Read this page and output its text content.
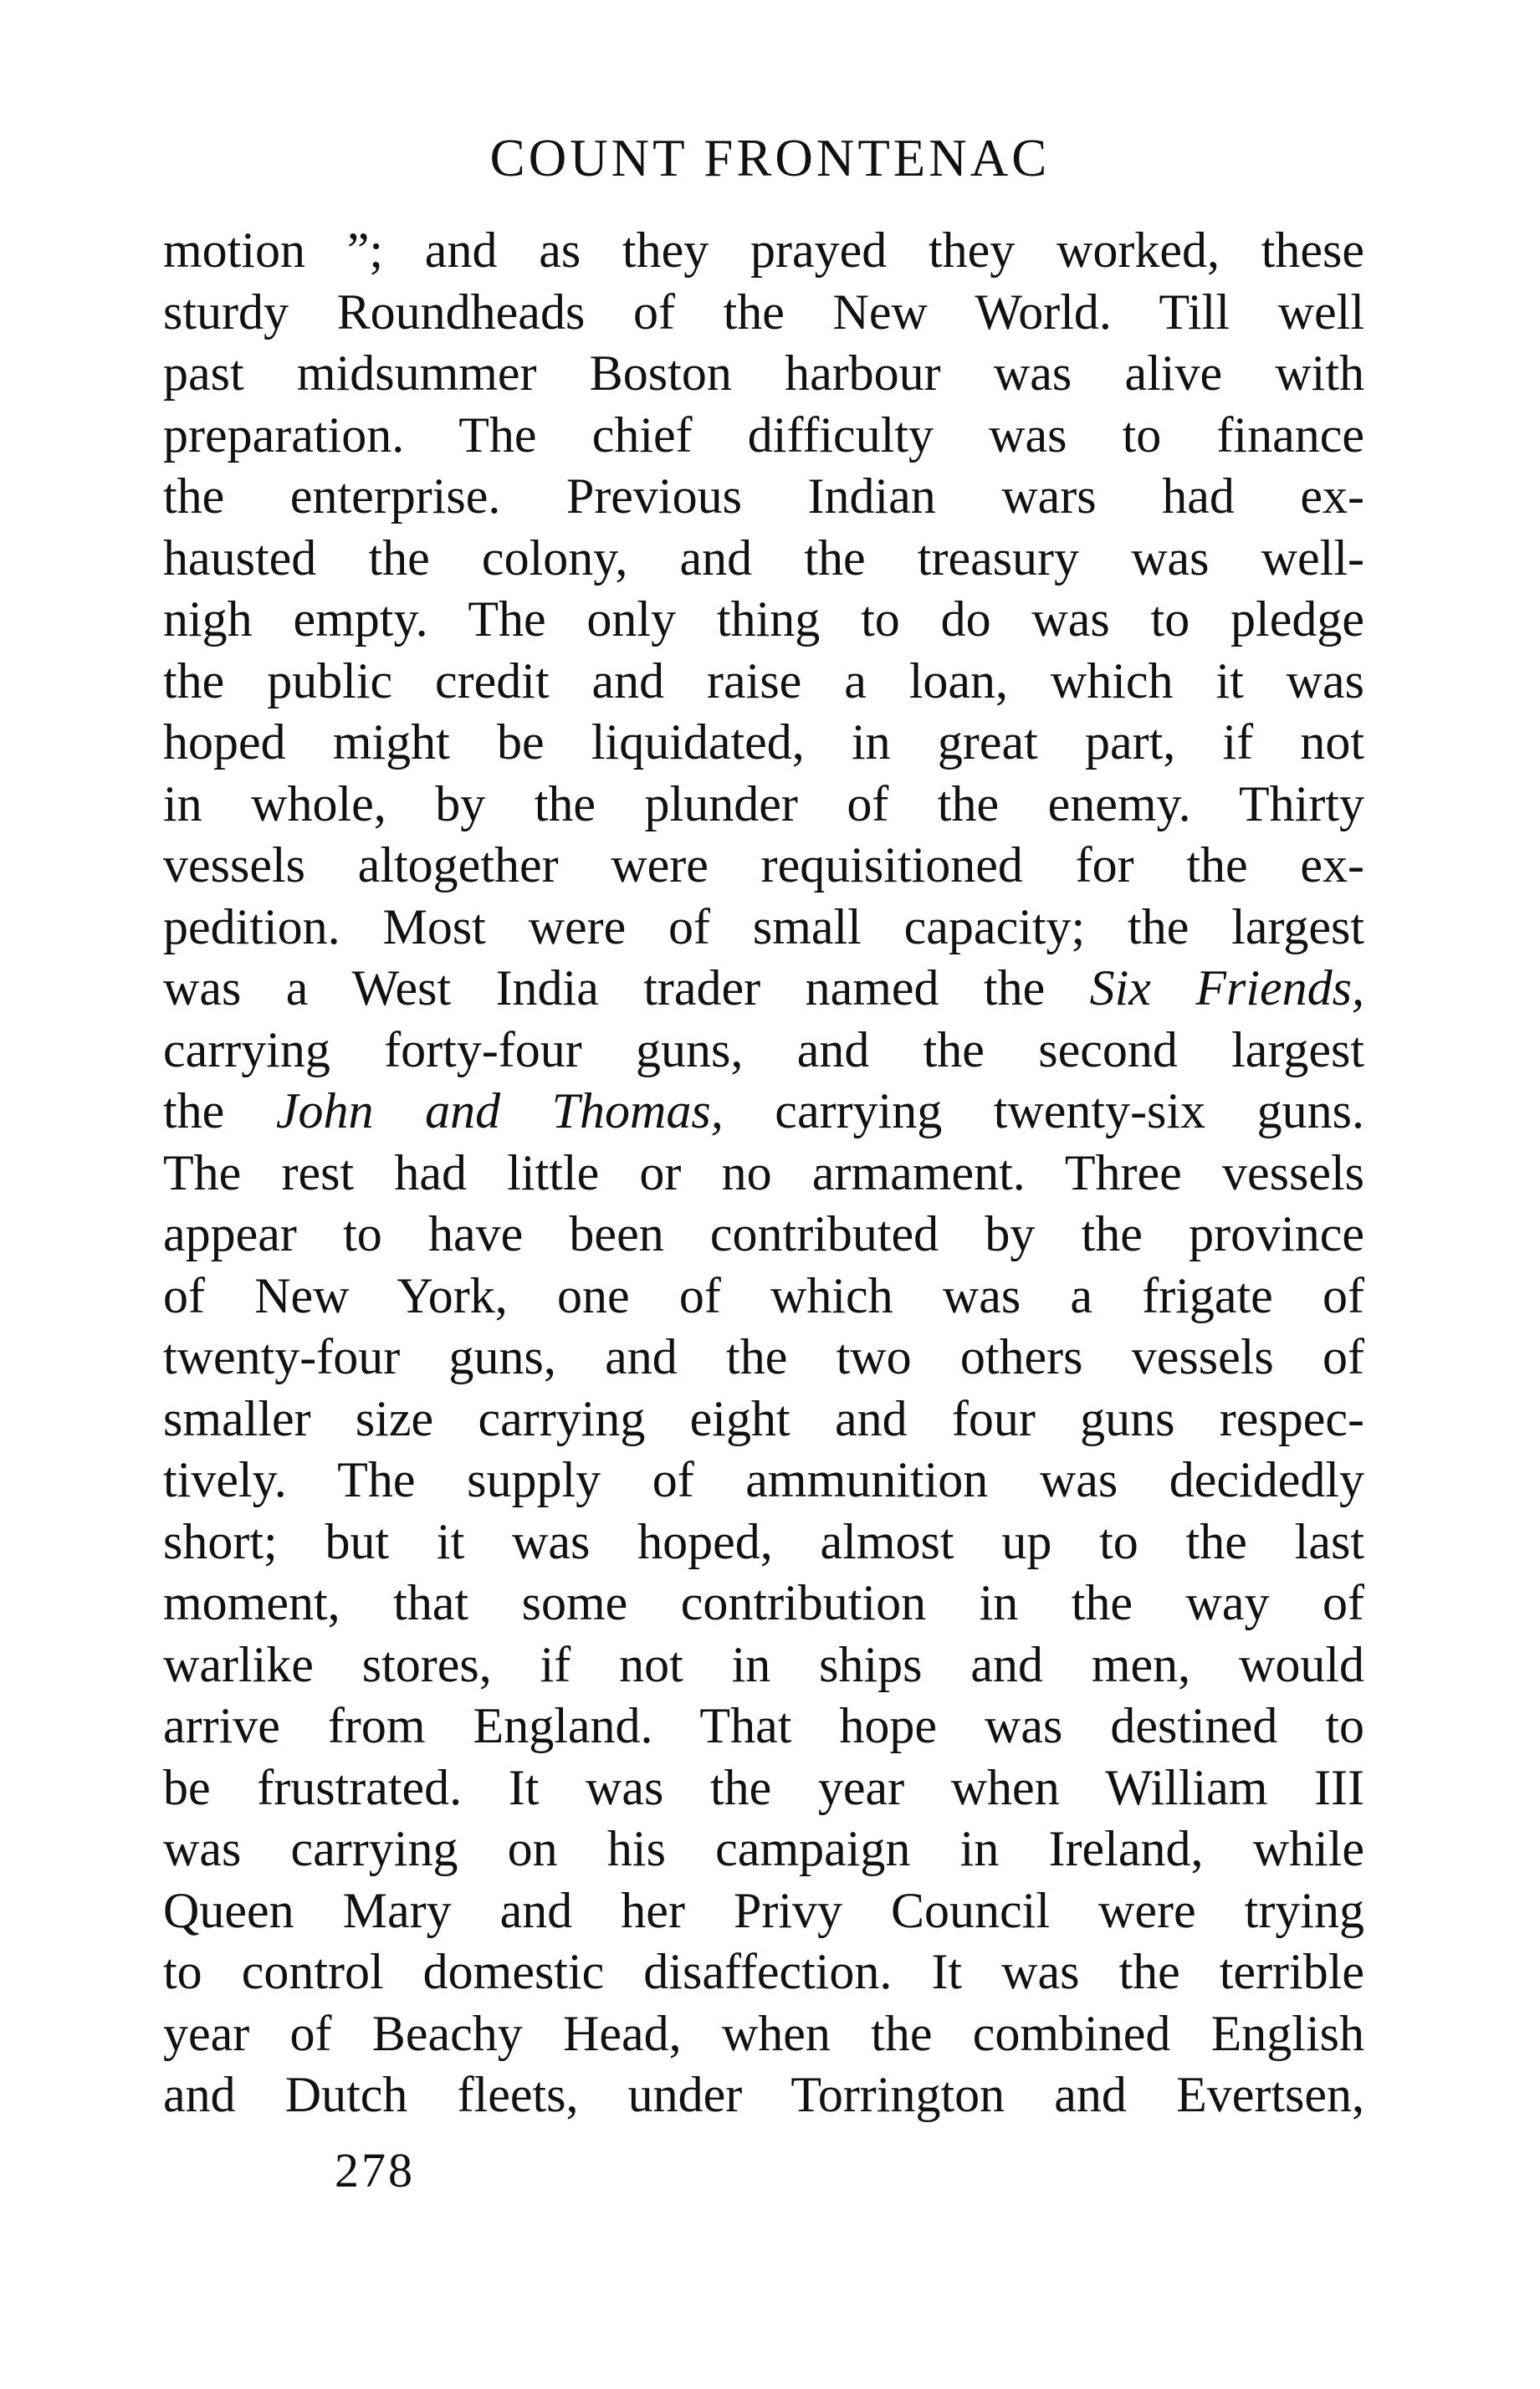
COUNT FRONTENAC
motion ”; and as they prayed they worked, these
sturdy Roundheads of the New World. Till well
past midsummer Boston harbour was alive with
preparation. The chief difficulty was to finance
the enterprise. Previous Indian wars had ex-
hausted the colony, and the treasury was well-
nigh empty. The only thing to do was to pledge
the public credit and raise a loan, which it was
hoped might be liquidated, in great part, if not
in whole, by the plunder of the enemy. Thirty
vessels altogether were requisitioned for the ex-
pedition. Most were of small capacity; the largest
was a West India trader named the Six Friends,
carrying forty-four guns, and the second largest
the John and Thomas, carrying twenty-six guns.
The rest had little or no armament. Three vessels
appear to have been contributed by the province
of New York, one of which was a frigate of
twenty-four guns, and the two others vessels of
smaller size carrying eight and four guns respec-
tively. The supply of ammunition was decidedly
short; but it was hoped, almost up to the last
moment, that some contribution in the way of
warlike stores, if not in ships and men, would
arrive from England. That hope was destined to
be frustrated. It was the year when William III
was carrying on his campaign in Ireland, while
Queen Mary and her Privy Council were trying
to control domestic disaffection. It was the terrible
year of Beachy Head, when the combined English
and Dutch fleets, under Torrington and Evertsen,
278
